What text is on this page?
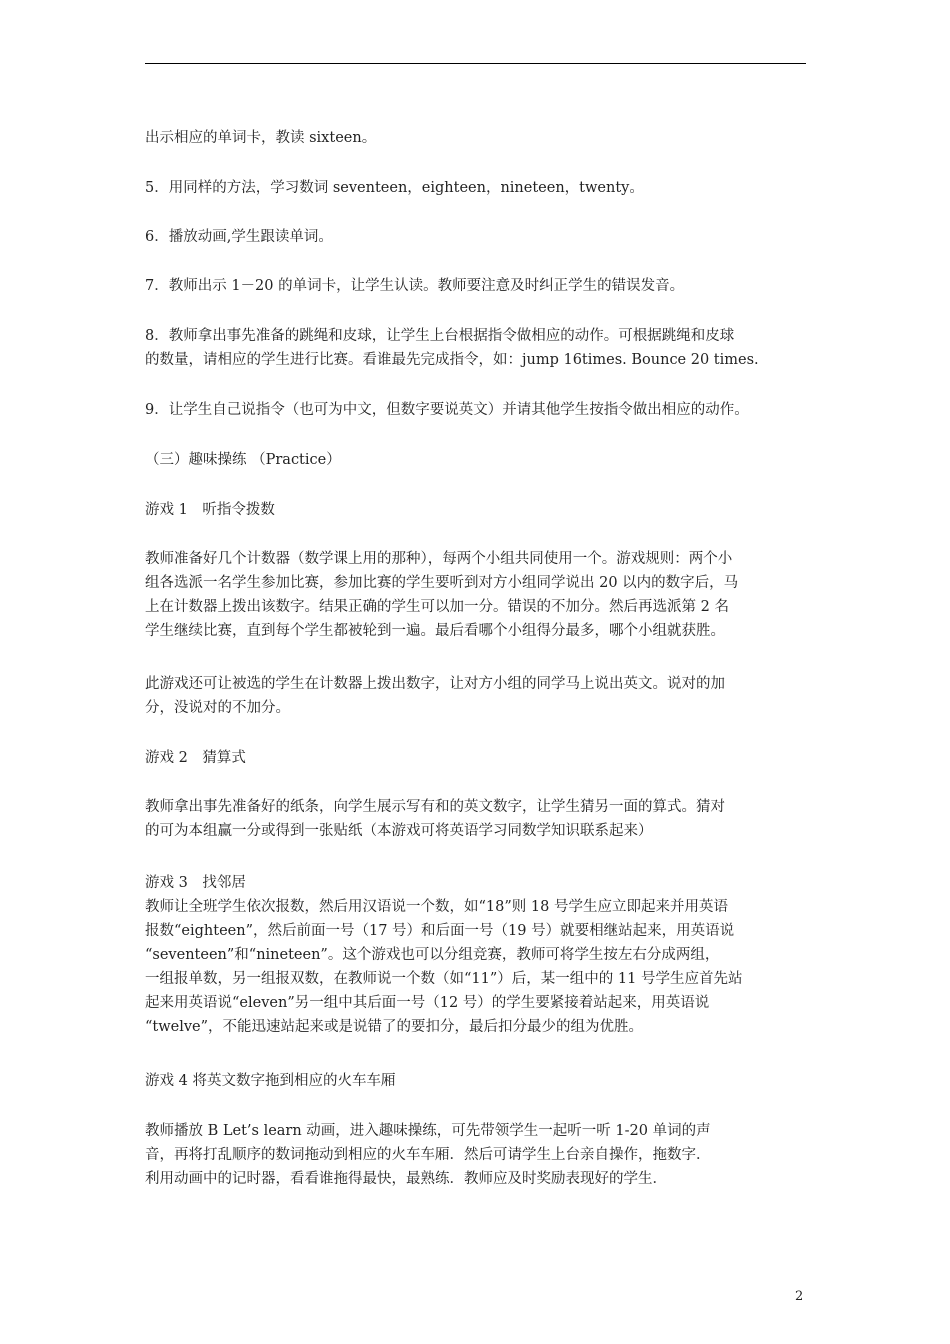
出示相应的单词卡，教读 sixteen。
5．用同样的方法，学习数词 seventeen，eighteen，nineteen，twenty。
6．播放动画,学生跟读单词。
7．教师出示 1－20 的单词卡，让学生认读。教师要注意及时纠正学生的错误发音。
8．教师拿出事先准备的跳绳和皮球，让学生上台根据指令做相应的动作。可根据跳绳和皮球
的数量，请相应的学生进行比赛。看谁最先完成指令，如：jump 16times. Bounce 20 times.
9．让学生自己说指令（也可为中文，但数字要说英文）并请其他学生按指令做出相应的动作。
（三）趣味操练 （Practice）
游戏 1　听指令拨数
教师准备好几个计数器（数学课上用的那种），每两个小组共同使用一个。游戏规则：两个小
组各选派一名学生参加比赛，参加比赛的学生要听到对方小组同学说出 20 以内的数字后，马
上在计数器上拨出该数字。结果正确的学生可以加一分。错误的不加分。然后再选派第 2 名
学生继续比赛，直到每个学生都被轮到一遍。最后看哪个小组得分最多，哪个小组就获胜。
此游戏还可让被选的学生在计数器上拨出数字，让对方小组的同学马上说出英文。说对的加
分，没说对的不加分。
游戏 2　猜算式
教师拿出事先准备好的纸条，向学生展示写有和的英文数字，让学生猜另一面的算式。猜对
的可为本组赢一分或得到一张贴纸（本游戏可将英语学习同数学知识联系起来）
游戏 3　找邻居
教师让全班学生依次报数，然后用汉语说一个数，如“18”则 18 号学生应立即起来并用英语
报数“eighteen”，然后前面一号（17 号）和后面一号（19 号）就要相继站起来，用英语说
“seventeen”和“nineteen”。这个游戏也可以分组竞赛，教师可将学生按左右分成两组，
一组报单数，另一组报双数，在教师说一个数（如“11”）后，某一组中的 11 号学生应首先站
起来用英语说“eleven”另一组中其后面一号（12 号）的学生要紧接着站起来，用英语说
“twelve”，不能迅速站起来或是说错了的要扣分，最后扣分最少的组为优胜。
游戏 4 将英文数字拖到相应的火车车厢
教师播放 B Let’s learn 动画，进入趣味操练，可先带领学生一起听一听 1-20 单词的声
音，再将打乱顺序的数词拖动到相应的火车车厢．然后可请学生上台亲自操作，拖数字．
利用动画中的记时器，看看谁拖得最快，最熟练．教师应及时奖励表现好的学生．
2
